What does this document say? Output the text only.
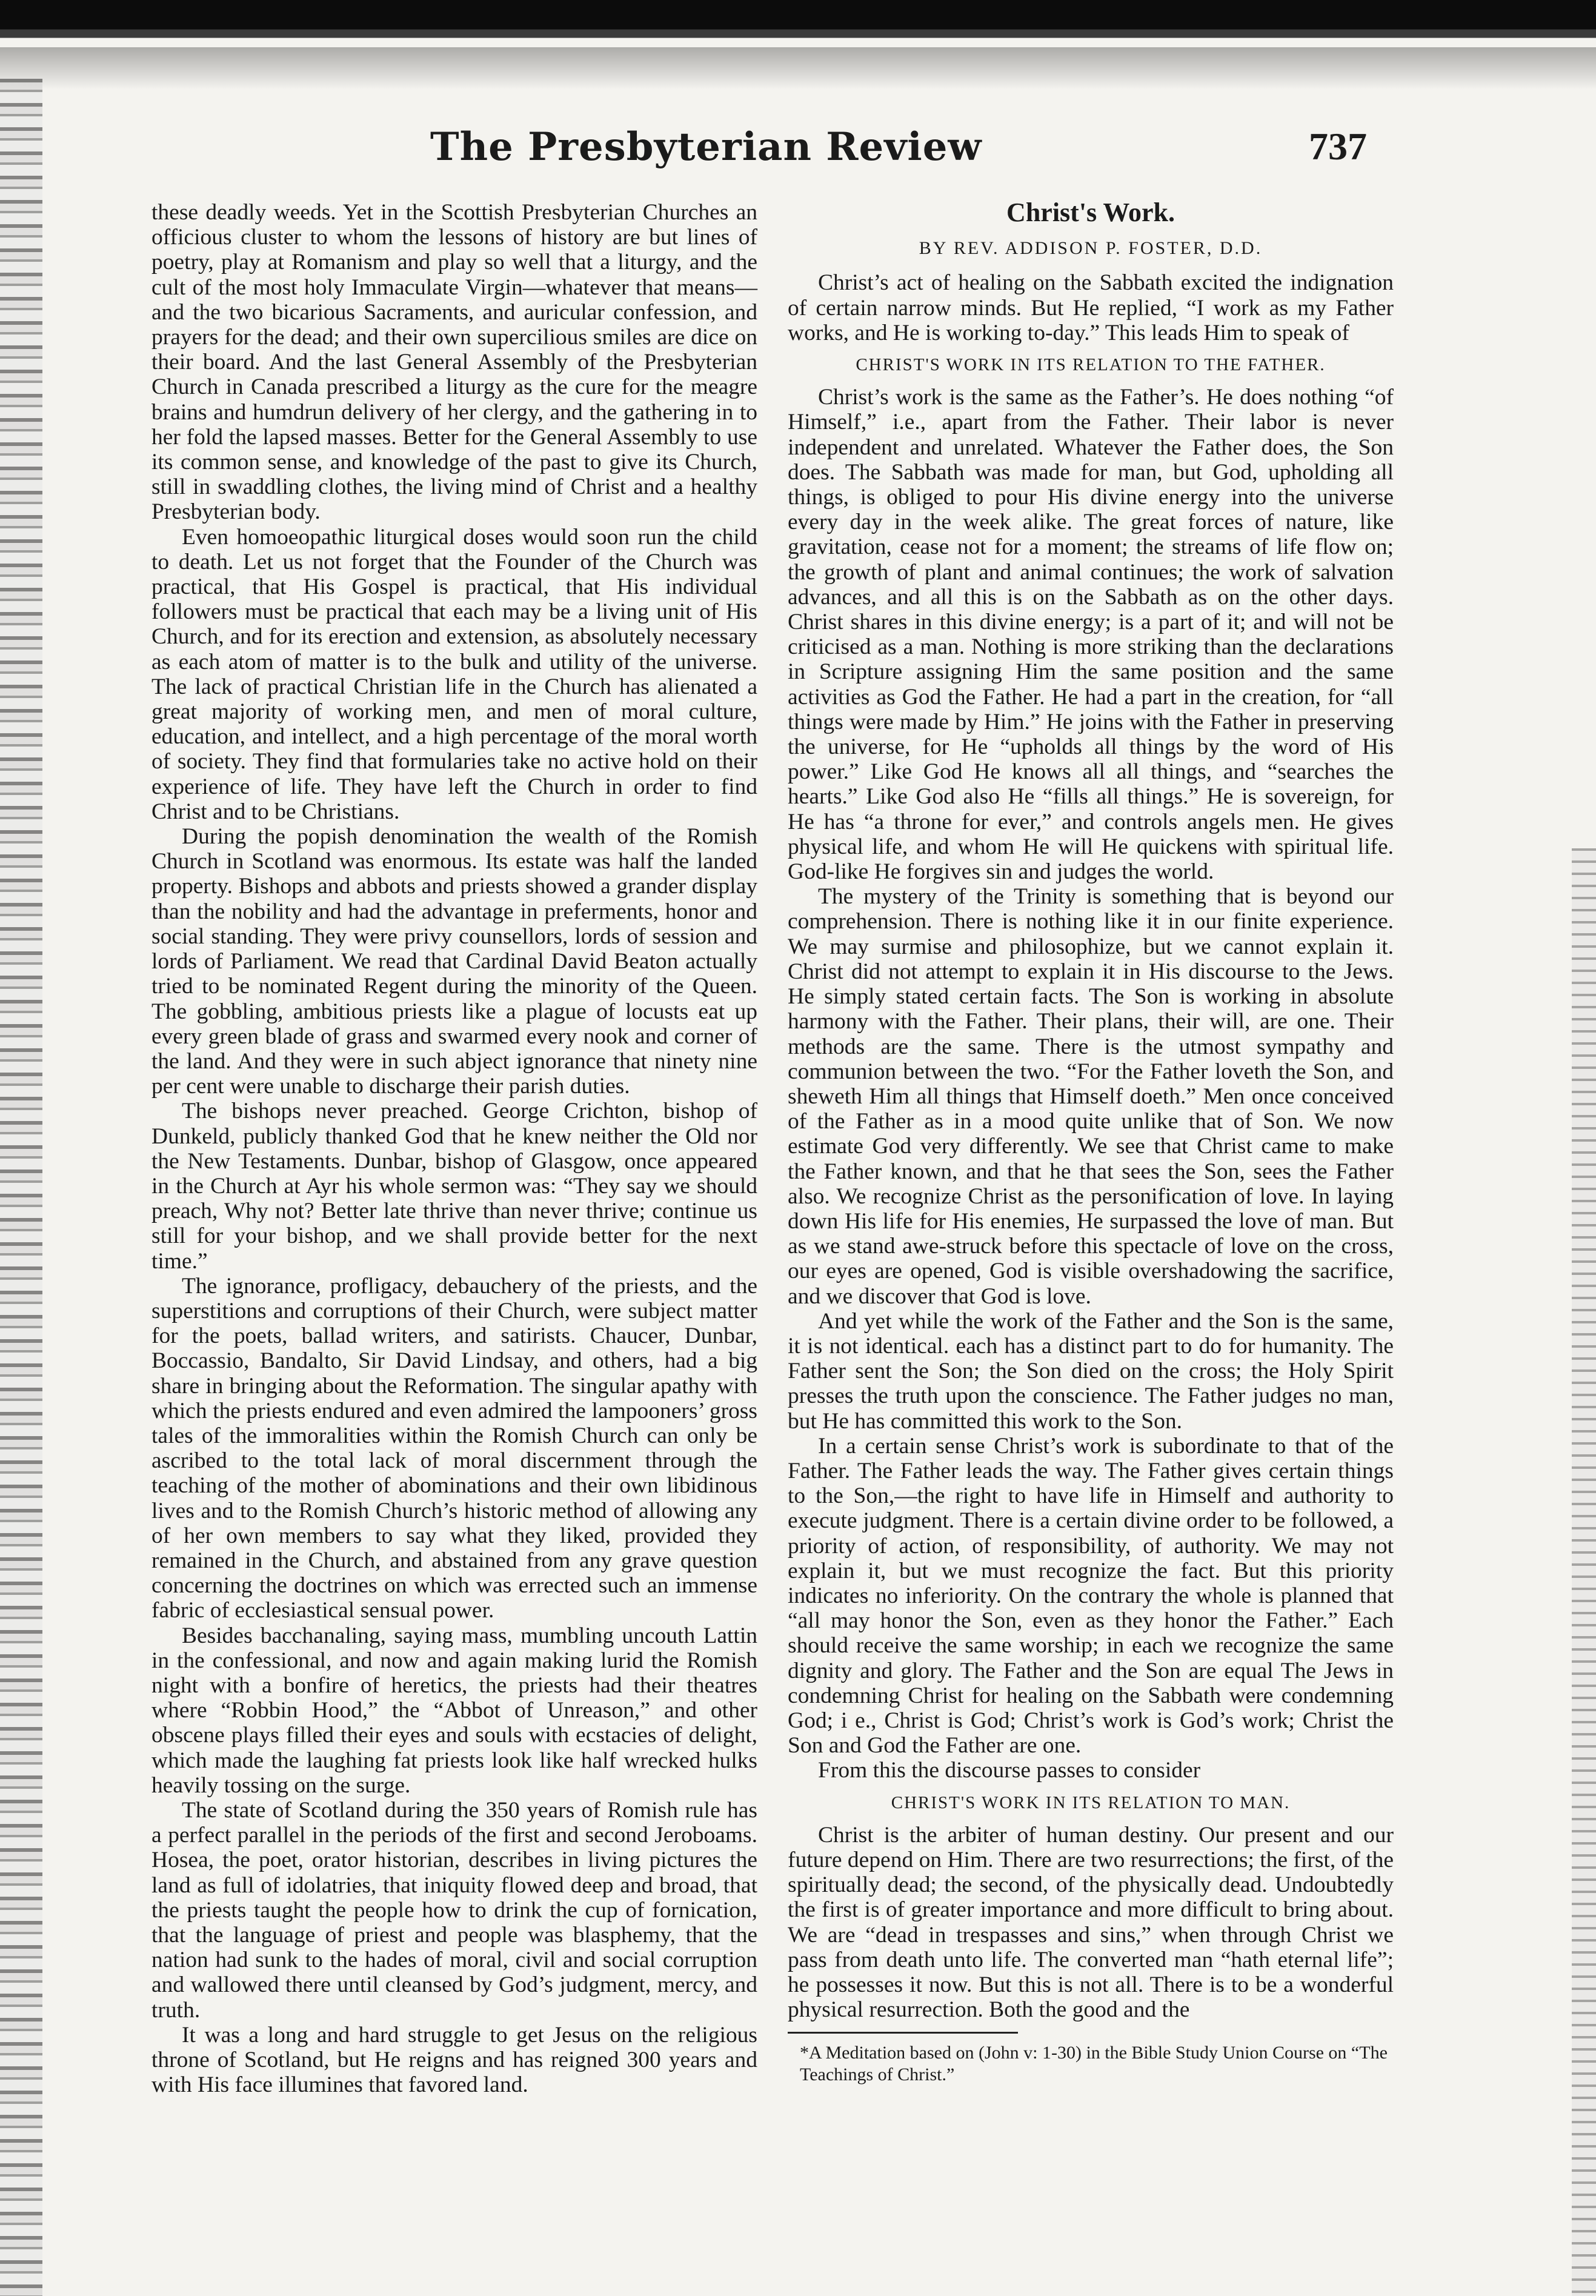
The Presbyterian Review	737

these deadly weeds. Yet in the Scottish Presbyterian Churches an officious cluster to whom the lessons of history are but lines of poetry, play at Romanism and play so well that a liturgy, and the cult of the most holy Immaculate Virgin—whatever that means—and the two bicarious Sacraments, and auricular confession, and prayers for the dead; and their own supercilious smiles are dice on their board. And the last General Assembly of the Presbyterian Church in Canada prescribed a liturgy as the cure for the meagre brains and humdrun delivery of her clergy, and the gathering in to her fold the lapsed masses. Better for the General Assembly to use its common sense, and knowledge of the past to give its Church, still in swaddling clothes, the living mind of Christ and a healthy Presbyterian body.

Even homoeopathic liturgical doses would soon run the child to death. Let us not forget that the Founder of the Church was practical, that His Gospel is practical, that His individual followers must be practical that each may be a living unit of His Church, and for its erection and extension, as absolutely necessary as each atom of matter is to the bulk and utility of the universe. The lack of practical Christian life in the Church has alienated a great majority of working men, and men of moral culture, education, and intellect, and a high percentage of the moral worth of society. They find that formularies take no active hold on their experience of life. They have left the Church in order to find Christ and to be Christians.

During the popish denomination the wealth of the Romish Church in Scotland was enormous. Its estate was half the landed property. Bishops and abbots and priests showed a grander display than the nobility and had the advantage in preferments, honor and social standing. They were privy counsellors, lords of session and lords of Parliament. We read that Cardinal David Beaton actually tried to be nominated Regent during the minority of the Queen. The gobbling, ambitious priests like a plague of locusts eat up every green blade of grass and swarmed every nook and corner of the land. And they were in such abject ignorance that ninety nine per cent were unable to discharge their parish duties.

The bishops never preached. George Crichton, bishop of Dunkeld, publicly thanked God that he knew neither the Old nor the New Testaments. Dunbar, bishop of Glasgow, once appeared in the Church at Ayr his whole sermon was: “They say we should preach, Why not? Better late thrive than never thrive; continue us still for your bishop, and we shall provide better for the next time.”

The ignorance, profligacy, debauchery of the priests, and the superstitions and corruptions of their Church, were subject matter for the poets, ballad writers, and satirists. Chaucer, Dunbar, Boccassio, Bandalto, Sir David Lindsay, and others, had a big share in bringing about the Reformation. The singular apathy with which the priests endured and even admired the lampooners’ gross tales of the immoralities within the Romish Church can only be ascribed to the total lack of moral discernment through the teaching of the mother of abominations and their own libidinous lives and to the Romish Church’s historic method of allowing any of her own members to say what they liked, provided they remained in the Church, and abstained from any grave question concerning the doctrines on which was errected such an immense fabric of ecclesiastical sensual power.

Besides bacchanaling, saying mass, mumbling uncouth Lattin in the confessional, and now and again making lurid the Romish night with a bonfire of heretics, the priests had their theatres where “Robbin Hood,” the “Abbot of Unreason,” and other obscene plays filled their eyes and souls with ecstacies of delight, which made the laughing fat priests look like half wrecked hulks heavily tossing on the surge.

The state of Scotland during the 350 years of Romish rule has a perfect parallel in the periods of the first and second Jeroboams. Hosea, the poet, orator historian, describes in living pictures the land as full of idolatries, that iniquity flowed deep and broad, that the priests taught the people how to drink the cup of fornication, that the language of priest and people was blasphemy, that the nation had sunk to the hades of moral, civil and social corruption and wallowed there until cleansed by God’s judgment, mercy, and truth.

It was a long and hard struggle to get Jesus on the religious throne of Scotland, but He reigns and has reigned 300 years and with His face illumines that favored land.

Christ's Work.
BY REV. ADDISON P. FOSTER, D.D.

Christ’s act of healing on the Sabbath excited the indignation of certain narrow minds. But He replied, “I work as my Father works, and He is working to-day.” This leads Him to speak of

CHRIST'S WORK IN ITS RELATION TO THE FATHER.

Christ’s work is the same as the Father’s. He does nothing “of Himself,” i.e., apart from the Father. Their labor is never independent and unrelated. Whatever the Father does, the Son does. The Sabbath was made for man, but God, upholding all things, is obliged to pour His divine energy into the universe every day in the week alike. The great forces of nature, like gravitation, cease not for a moment; the streams of life flow on; the growth of plant and animal continues; the work of salvation advances, and all this is on the Sabbath as on the other days. Christ shares in this divine energy; is a part of it; and will not be criticised as a man. Nothing is more striking than the declarations in Scripture assigning Him the same position and the same activities as God the Father. He had a part in the creation, for “all things were made by Him.” He joins with the Father in preserving the universe, for He “upholds all things by the word of His power.” Like God He knows all all things, and “searches the hearts.” Like God also He “fills all things.” He is sovereign, for He has “a throne for ever,” and controls angels men. He gives physical life, and whom He will He quickens with spiritual life. God-like He forgives sin and judges the world.

The mystery of the Trinity is something that is beyond our comprehension. There is nothing like it in our finite experience. We may surmise and philosophize, but we cannot explain it. Christ did not attempt to explain it in His discourse to the Jews. He simply stated certain facts. The Son is working in absolute harmony with the Father. Their plans, their will, are one. Their methods are the same. There is the utmost sympathy and communion between the two. “For the Father loveth the Son, and sheweth Him all things that Himself doeth.” Men once conceived of the Father as in a mood quite unlike that of Son. We now estimate God very differently. We see that Christ came to make the Father known, and that he that sees the Son, sees the Father also. We recognize Christ as the personification of love. In laying down His life for His enemies, He surpassed the love of man. But as we stand awe-struck before this spectacle of love on the cross, our eyes are opened, God is visible overshadowing the sacrifice, and we discover that God is love.

And yet while the work of the Father and the Son is the same, it is not identical. each has a distinct part to do for humanity. The Father sent the Son; the Son died on the cross; the Holy Spirit presses the truth upon the conscience. The Father judges no man, but He has committed this work to the Son.

In a certain sense Christ’s work is subordinate to that of the Father. The Father leads the way. The Father gives certain things to the Son,—the right to have life in Himself and authority to execute judgment. There is a certain divine order to be followed, a priority of action, of responsibility, of authority. We may not explain it, but we must recognize the fact. But this priority indicates no inferiority. On the contrary the whole is planned that “all may honor the Son, even as they honor the Father.” Each should receive the same worship; in each we recognize the same dignity and glory. The Father and the Son are equal The Jews in condemning Christ for healing on the Sabbath were condemning God; i e., Christ is God; Christ’s work is God’s work; Christ the Son and God the Father are one.

From this the discourse passes to consider

CHRIST'S WORK IN ITS RELATION TO MAN.

Christ is the arbiter of human destiny. Our present and our future depend on Him. There are two resurrections; the first, of the spiritually dead; the second, of the physically dead. Undoubtedly the first is of greater importance and more difficult to bring about. We are “dead in trespasses and sins,” when through Christ we pass from death unto life. The converted man “hath eternal life”; he possesses it now. But this is not all. There is to be a wonderful physical resurrection. Both the good and the

*A Meditation based on (John v: 1-30) in the Bible Study Union Course on “The Teachings of Christ.”
